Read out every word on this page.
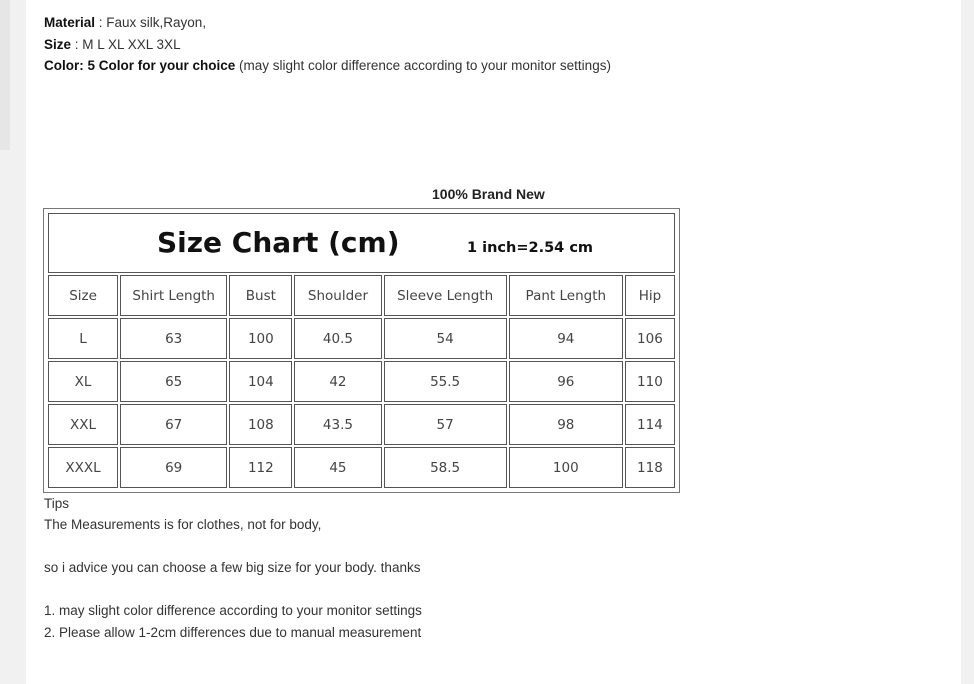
Material : Faux silk,Rayon,
Size : M L XL XXL 3XL
Color: 5 Color for your choice (may slight color difference according to your monitor settings)
100% Brand New
Size Chart (cm) 1 inch=2.54 cm						

Size	Shirt Length	Bust	Shoulder	Sleeve Length	Pant Length	Hip
L	63	100	40.5	54	94	106
XL	65	104	42	55.5	96	110
XXL	67	108	43.5	57	98	114
XXXL	69	112	45	58.5	100	118
Tips
The Measurements is for clothes, not for body,
so i advice you can choose a few big size for your body. thanks
1. may slight color difference according to your monitor settings
2. Please allow 1-2cm differences due to manual measurement
